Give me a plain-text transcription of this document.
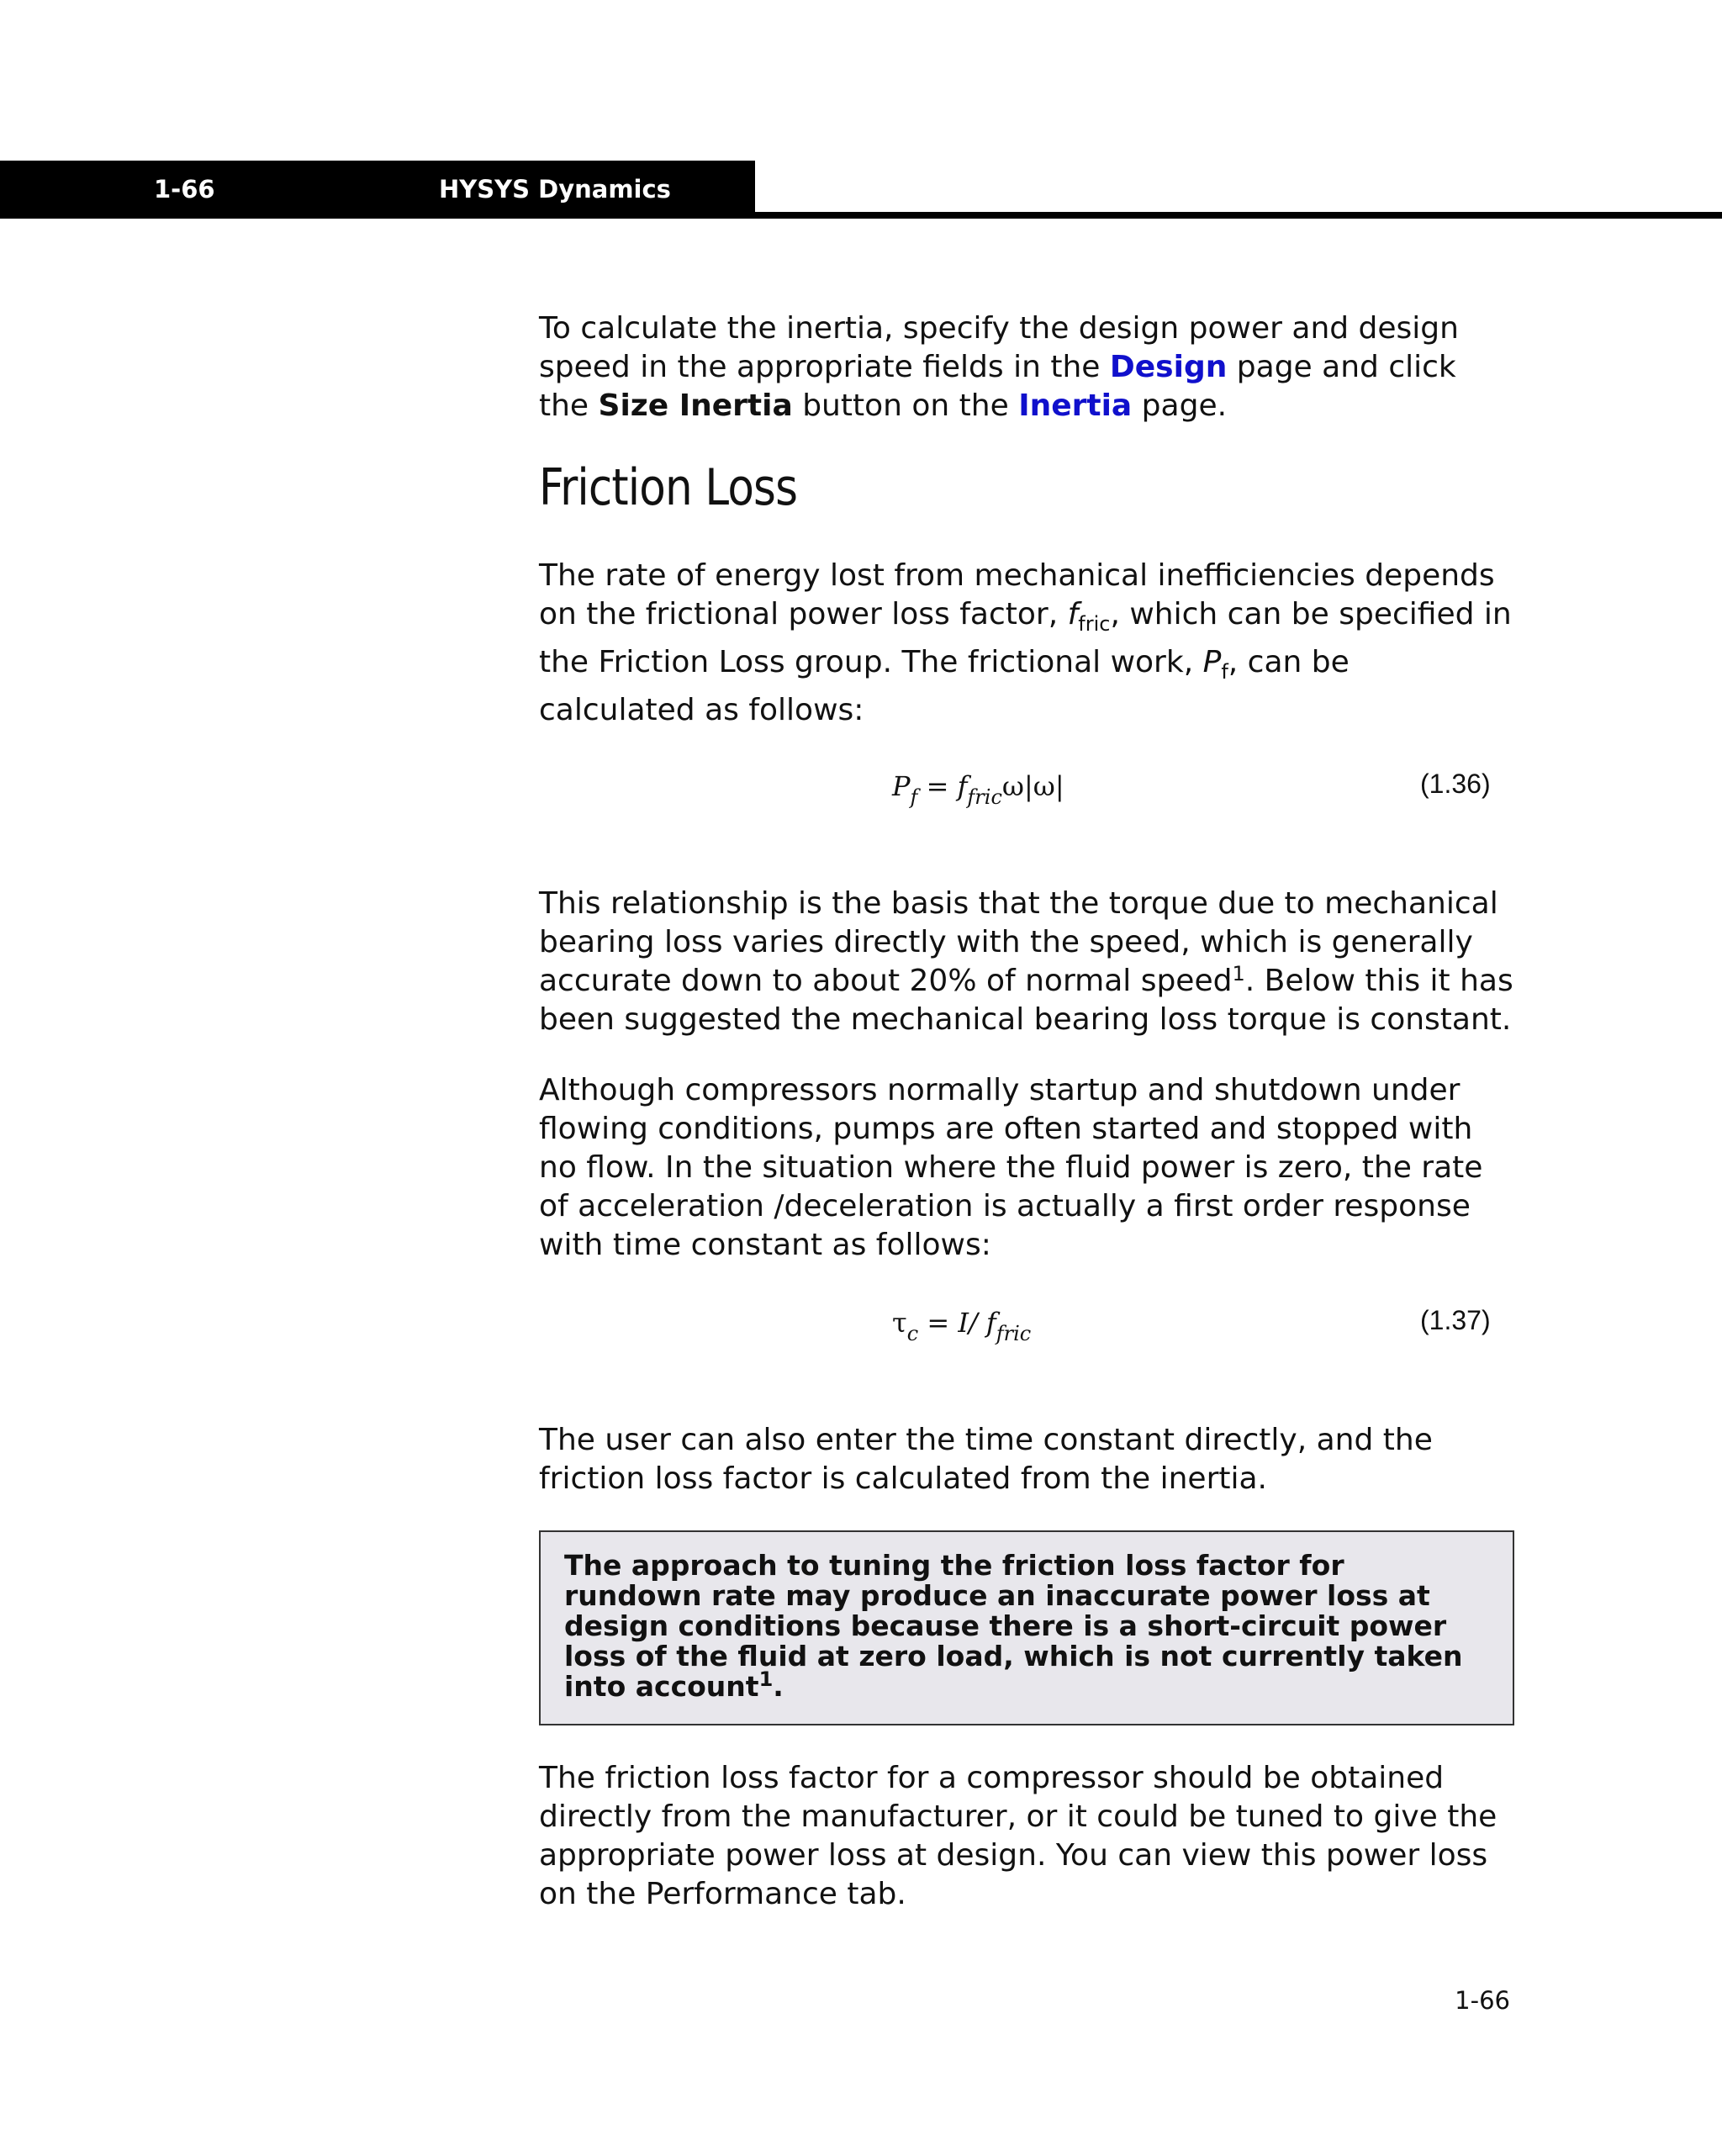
1-66	HYSYS Dynamics

To calculate the inertia, specify the design power and design speed in the appropriate fields in the Design page and click the Size Inertia button on the Inertia page.

Friction Loss

The rate of energy lost from mechanical inefficiencies depends on the frictional power loss factor, $f_{fric}$, which can be specified in the Friction Loss group. The frictional work, $P_f$, can be calculated as follows:

$P_f = f_{fric}\omega|\omega|$	(1.36)

This relationship is the basis that the torque due to mechanical bearing loss varies directly with the speed, which is generally accurate down to about 20% of normal speed$^1$. Below this it has been suggested the mechanical bearing loss torque is constant.

Although compressors normally startup and shutdown under flowing conditions, pumps are often started and stopped with no flow. In the situation where the fluid power is zero, the rate of acceleration /deceleration is actually a first order response with time constant as follows:

$\tau_c = I/$ $f_{fric}$	(1.37)

The user can also enter the time constant directly, and the friction loss factor is calculated from the inertia.

The approach to tuning the friction loss factor for rundown rate may produce an inaccurate power loss at design conditions because there is a short-circuit power loss of the fluid at zero load, which is not currently taken into account$^1$.

The friction loss factor for a compressor should be obtained directly from the manufacturer, or it could be tuned to give the appropriate power loss at design. You can view this power loss on the Performance tab.

1-66
